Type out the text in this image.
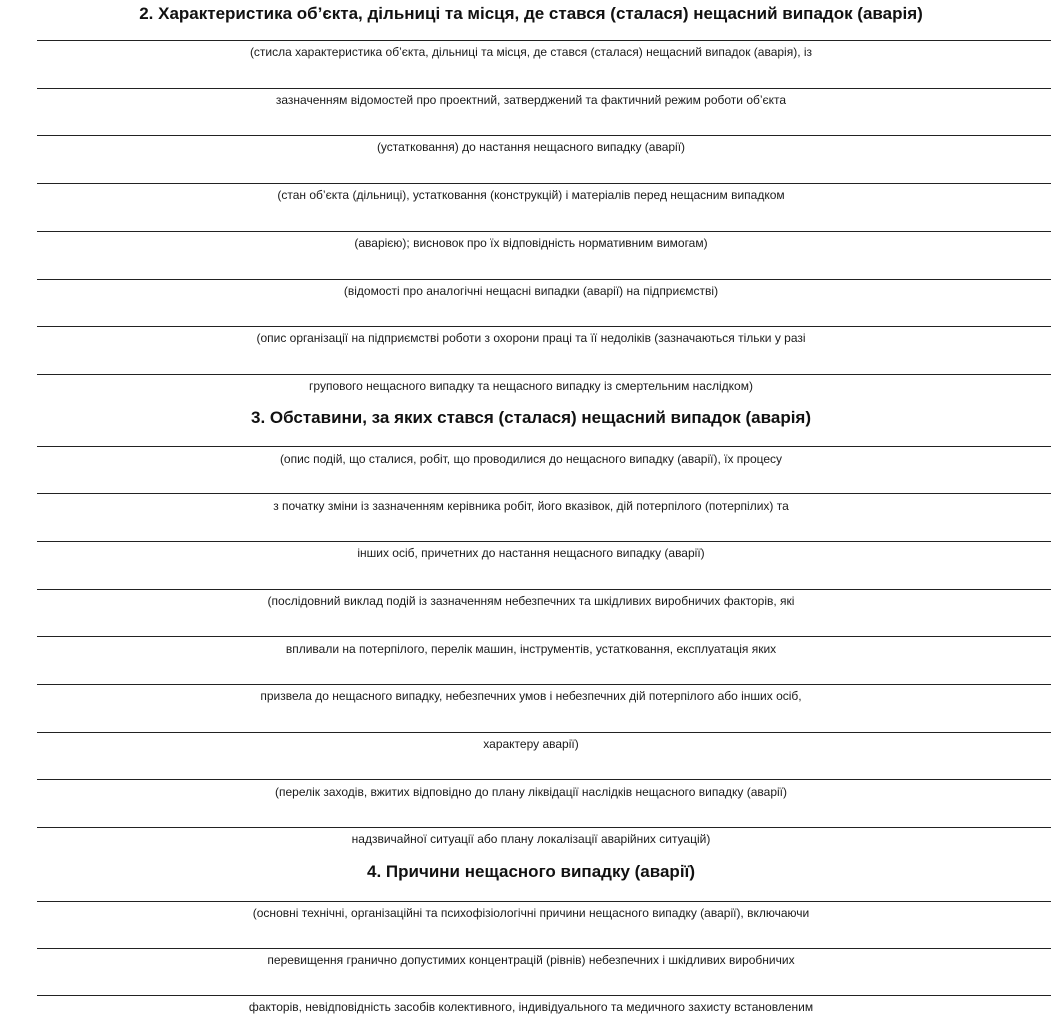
2. Характеристика об’єкта, дільниці та місця, де стався (сталася) нещасний випадок (аварія)
(стисла характеристика об’єкта, дільниці та місця, де стався (сталася) нещасний випадок (аварія), із
зазначенням відомостей про проектний, затверджений та фактичний режим роботи об’єкта
(устатковання) до настання нещасного випадку (аварії)
(стан об’єкта (дільниці), устатковання (конструкцій) і матеріалів перед нещасним випадком
(аварією); висновок про їх відповідність нормативним вимогам)
(відомості про аналогічні нещасні випадки (аварії) на підприємстві)
(опис організації на підприємстві роботи з охорони праці та її недоліків (зазначаються тільки у разі
групового нещасного випадку та нещасного випадку із смертельним наслідком)
3. Обставини, за яких стався (сталася) нещасний випадок (аварія)
(опис подій, що сталися, робіт, що проводилися до нещасного випадку (аварії), їх процесу
з початку зміни із зазначенням керівника робіт, його вказівок, дій потерпілого (потерпілих) та
інших осіб, причетних до настання нещасного випадку (аварії)
(послідовний виклад подій із зазначенням небезпечних та шкідливих виробничих факторів, які
впливали на потерпілого, перелік машин, інструментів, устатковання, експлуатація яких
призвела до нещасного випадку, небезпечних умов і небезпечних дій потерпілого або інших осіб,
характеру аварії)
(перелік заходів, вжитих відповідно до плану ліквідації наслідків нещасного випадку (аварії)
надзвичайної ситуації або плану локалізації аварійних ситуацій)
4. Причини нещасного випадку (аварії)
(основні технічні, організаційні та психофізіологічні причини нещасного випадку (аварії), включаючи
перевищення гранично допустимих концентрацій (рівнів) небезпечних і шкідливих виробничих
факторів, невідповідність засобів колективного, індивідуального та медичного захисту встановленим
